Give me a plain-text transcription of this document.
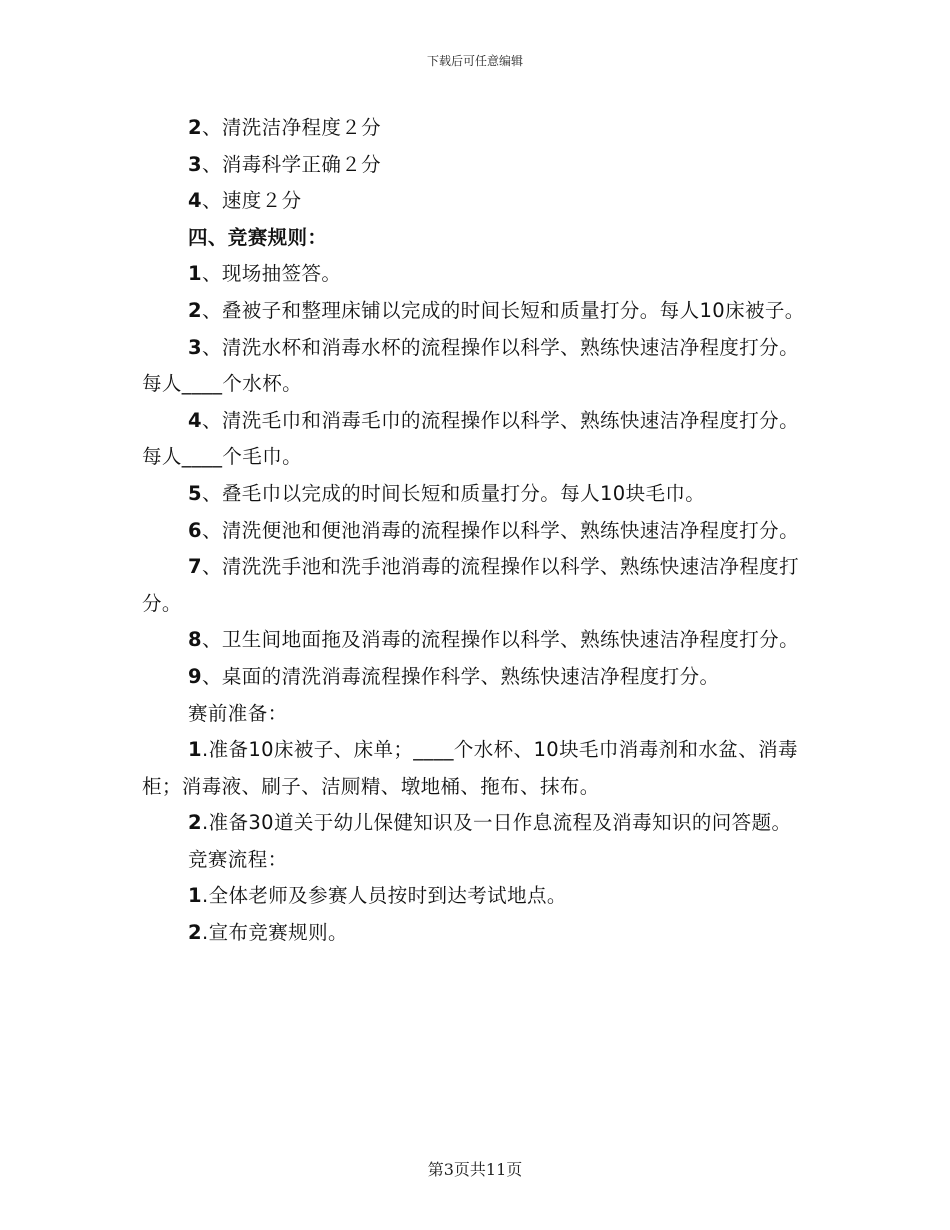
下载后可任意编辑

2、清洗洁净程度２分

3、消毒科学正确２分

4、速度２分

四、竞赛规则：

1、现场抽签答。

2、叠被子和整理床铺以完成的时间长短和质量打分。每人10床被子。

3、清洗水杯和消毒水杯的流程操作以科学、熟练快速洁净程度打分。每人____个水杯。

4、清洗毛巾和消毒毛巾的流程操作以科学、熟练快速洁净程度打分。每人____个毛巾。

5、叠毛巾以完成的时间长短和质量打分。每人10块毛巾。

6、清洗便池和便池消毒的流程操作以科学、熟练快速洁净程度打分。

7、清洗洗手池和洗手池消毒的流程操作以科学、熟练快速洁净程度打分。

8、卫生间地面拖及消毒的流程操作以科学、熟练快速洁净程度打分。

9、桌面的清洗消毒流程操作科学、熟练快速洁净程度打分。

赛前准备：

1.准备10床被子、床单；____个水杯、10块毛巾消毒剂和水盆、消毒柜；消毒液、刷子、洁厕精、墩地桶、拖布、抹布。

2.准备30道关于幼儿保健知识及一日作息流程及消毒知识的问答题。

竞赛流程：

1.全体老师及参赛人员按时到达考试地点。

2.宣布竞赛规则。

第3页共11页
